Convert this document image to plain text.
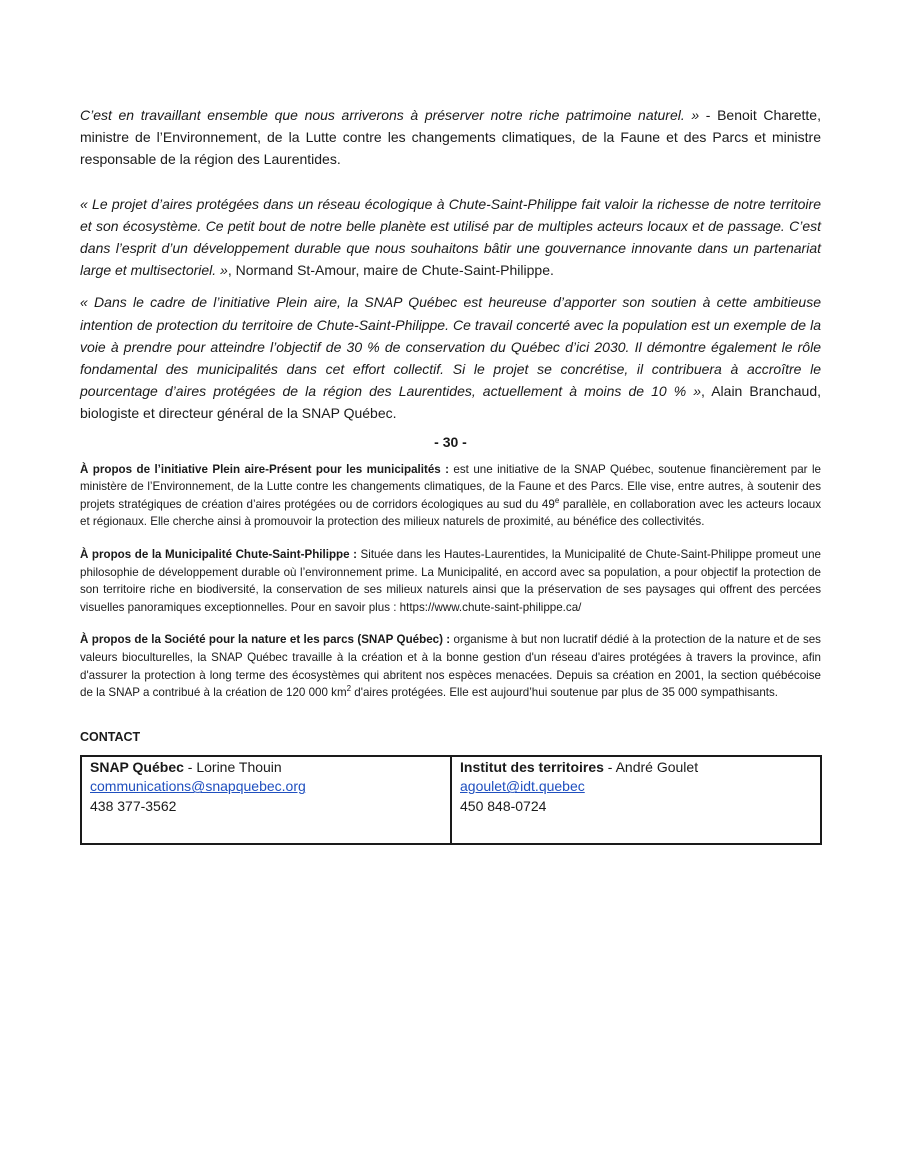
C’est en travaillant ensemble que nous arriverons à préserver notre riche patrimoine naturel. » - Benoit Charette, ministre de l’Environnement, de la Lutte contre les changements climatiques, de la Faune et des Parcs et ministre responsable de la région des Laurentides.

« Le projet d’aires protégées dans un réseau écologique à Chute-Saint-Philippe fait valoir la richesse de notre territoire et son écosystème. Ce petit bout de notre belle planète est utilisé par de multiples acteurs locaux et de passage. C’est dans l’esprit d’un développement durable que nous souhaitons bâtir une gouvernance innovante dans un partenariat large et multisectoriel. », Normand St-Amour, maire de Chute-Saint-Philippe.

« Dans le cadre de l’initiative Plein aire, la SNAP Québec est heureuse d’apporter son soutien à cette ambitieuse intention de protection du territoire de Chute-Saint-Philippe. Ce travail concerté avec la population est un exemple de la voie à prendre pour atteindre l’objectif de 30 % de conservation du Québec d’ici 2030. Il démontre également le rôle fondamental des municipalités dans cet effort collectif. Si le projet se concrétise, il contribuera à accroître le pourcentage d’aires protégées de la région des Laurentides, actuellement à moins de 10 % », Alain Branchaud, biologiste et directeur général de la SNAP Québec.

- 30 -

À propos de l’initiative Plein aire-Présent pour les municipalités : est une initiative de la SNAP Québec, soutenue financièrement par le ministère de l’Environnement, de la Lutte contre les changements climatiques, de la Faune et des Parcs. Elle vise, entre autres, à soutenir des projets stratégiques de création d’aires protégées ou de corridors écologiques au sud du 49e parallèle, en collaboration avec les acteurs locaux et régionaux. Elle cherche ainsi à promouvoir la protection des milieux naturels de proximité, au bénéfice des collectivités.

À propos de la Municipalité Chute-Saint-Philippe : Située dans les Hautes-Laurentides, la Municipalité de Chute-Saint-Philippe promeut une philosophie de développement durable où l’environnement prime. La Municipalité, en accord avec sa population, a pour objectif la protection de son territoire riche en biodiversité, la conservation de ses milieux naturels ainsi que la préservation de ses paysages qui offrent des percées visuelles panoramiques exceptionnelles. Pour en savoir plus : https://www.chute-saint-philippe.ca/

À propos de la Société pour la nature et les parcs (SNAP Québec) : organisme à but non lucratif dédié à la protection de la nature et de ses valeurs bioculturelles, la SNAP Québec travaille à la création et à la bonne gestion d'un réseau d'aires protégées à travers la province, afin d'assurer la protection à long terme des écosystèmes qui abritent nos espèces menacées. Depuis sa création en 2001, la section québécoise de la SNAP a contribué à la création de 120 000 $km^2$ d'aires protégées. Elle est aujourd’hui soutenue par plus de 35 000 sympathisants.

CONTACT
SNAP Québec - Lorine Thouin
communications@snapquebec.org
438 377-3562

Institut des territoires - André Goulet
agoulet@idt.quebec
450 848-0724
